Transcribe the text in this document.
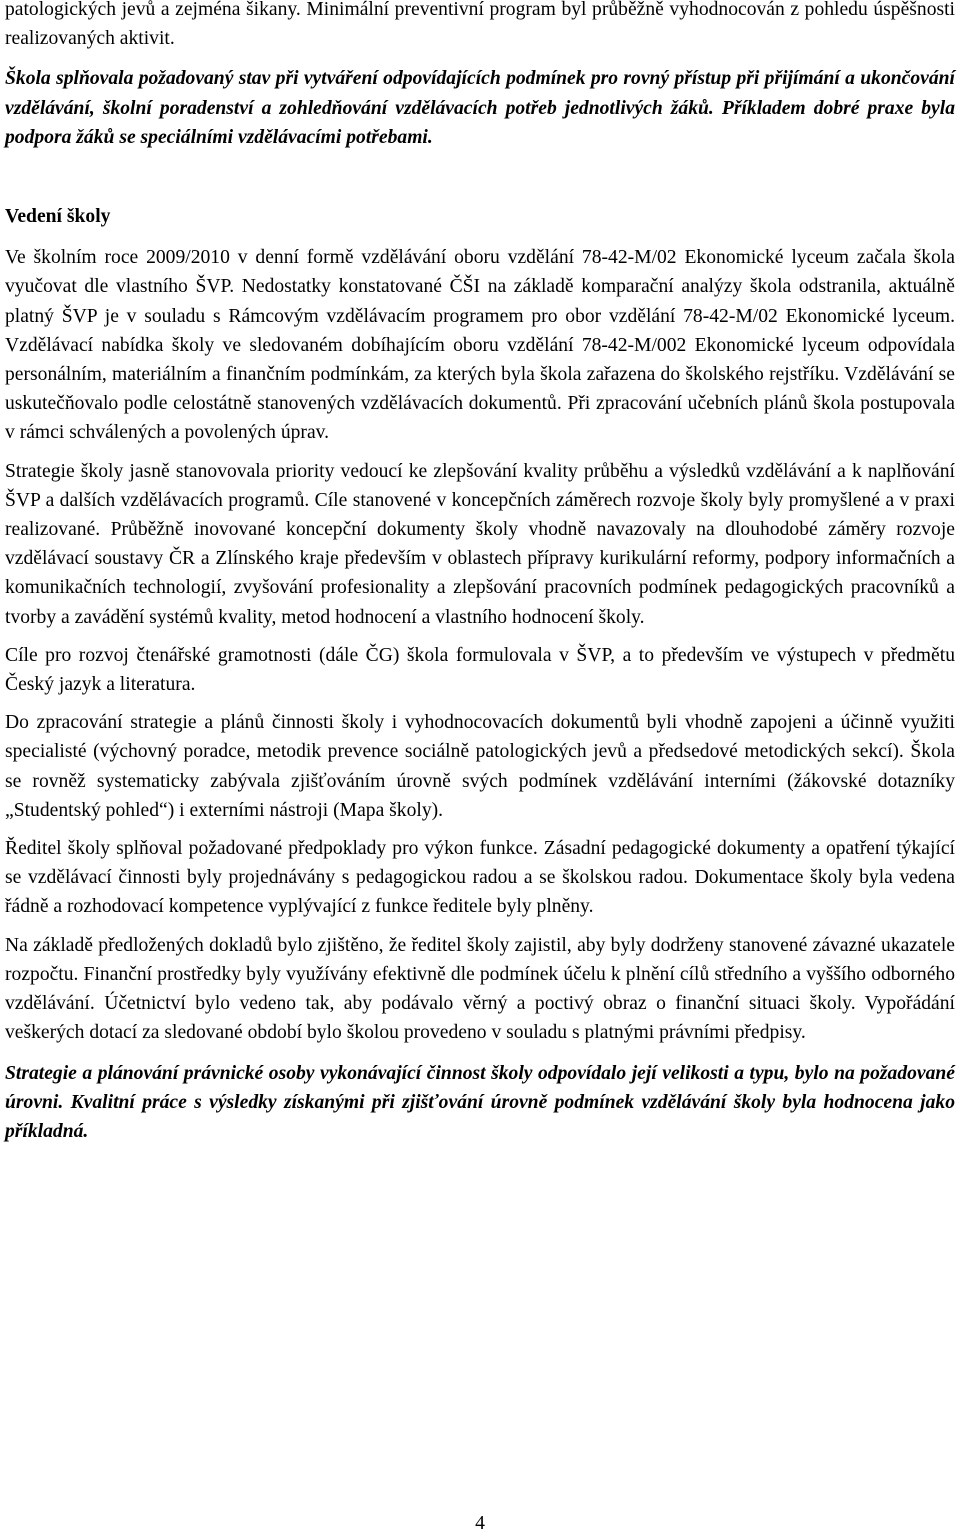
patologických jevů a zejména šikany. Minimální preventivní program byl průběžně vyhodnocován z pohledu úspěšnosti realizovaných aktivit.

Škola splňovala požadovaný stav při vytváření odpovídajících podmínek pro rovný přístup při přijímání a ukončování vzdělávání, školní poradenství a zohledňování vzdělávacích potřeb jednotlivých žáků. Příkladem dobré praxe byla podpora žáků se speciálními vzdělávacími potřebami.

Vedení školy

Ve školním roce 2009/2010 v denní formě vzdělávání oboru vzdělání 78-42-M/02 Ekonomické lyceum začala škola vyučovat dle vlastního ŠVP. Nedostatky konstatované ČŠI na základě komparační analýzy škola odstranila, aktuálně platný ŠVP je v souladu s Rámcovým vzdělávacím programem pro obor vzdělání 78-42-M/02 Ekonomické lyceum. Vzdělávací nabídka školy ve sledovaném dobíhajícím oboru vzdělání 78-42-M/002 Ekonomické lyceum odpovídala personálním, materiálním a finančním podmínkám, za kterých byla škola zařazena do školského rejstříku. Vzdělávání se uskutečňovalo podle celostátně stanovených vzdělávacích dokumentů. Při zpracování učebních plánů škola postupovala v rámci schválených a povolených úprav.

Strategie školy jasně stanovovala priority vedoucí ke zlepšování kvality průběhu a výsledků vzdělávání a k naplňování ŠVP a dalších vzdělávacích programů. Cíle stanovené v koncepčních záměrech rozvoje školy byly promyšlené a v praxi realizované. Průběžně inovované koncepční dokumenty školy vhodně navazovaly na dlouhodobé záměry rozvoje vzdělávací soustavy ČR a Zlínského kraje především v oblastech přípravy kurikulární reformy, podpory informačních a komunikačních technologií, zvyšování profesionality a zlepšování pracovních podmínek pedagogických pracovníků a tvorby a zavádění systémů kvality, metod hodnocení a vlastního hodnocení školy.

Cíle pro rozvoj čtenářské gramotnosti (dále ČG) škola formulovala v ŠVP, a to především ve výstupech v předmětu Český jazyk a literatura.

Do zpracování strategie a plánů činnosti školy i vyhodnocovacích dokumentů byli vhodně zapojeni a účinně využiti specialisté (výchovný poradce, metodik prevence sociálně patologických jevů a předsedové metodických sekcí). Škola se rovněž systematicky zabývala zjišťováním úrovně svých podmínek vzdělávání interními (žákovské dotazníky „Studentský pohled“) i externími nástroji (Mapa školy).

Ředitel školy splňoval požadované předpoklady pro výkon funkce. Zásadní pedagogické dokumenty a opatření týkající se vzdělávací činnosti byly projednávány s pedagogickou radou a se školskou radou. Dokumentace školy byla vedena řádně a rozhodovací kompetence vyplývající z funkce ředitele byly plněny.

Na základě předložených dokladů bylo zjištěno, že ředitel školy zajistil, aby byly dodrženy stanovené závazné ukazatele rozpočtu. Finanční prostředky byly využívány efektivně dle podmínek účelu k plnění cílů středního a vyššího odborného vzdělávání. Účetnictví bylo vedeno tak, aby podávalo věrný a poctivý obraz o finanční situaci školy. Vypořádání veškerých dotací za sledované období bylo školou provedeno v souladu s platnými právními předpisy.

Strategie a plánování právnické osoby vykonávající činnost školy odpovídalo její velikosti a typu, bylo na požadované úrovni. Kvalitní práce s výsledky získanými při zjišťování úrovně podmínek vzdělávání školy byla hodnocena jako příkladná.

4
